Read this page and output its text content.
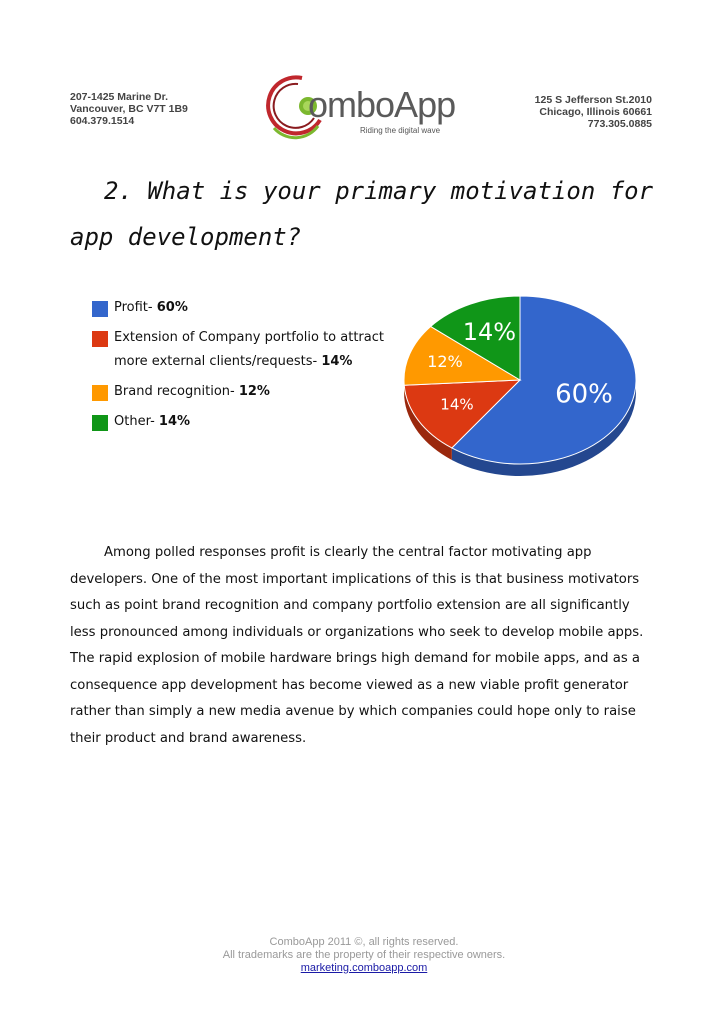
207-1425 Marine Dr.
Vancouver, BC V7T 1B9
604.379.1514	omboApp
Riding the digital wave
125 S Jefferson St.2010
Chicago, Illinois 60661
773.305.0885
2. What is your primary motivation for
app development?
Profit- 60%
Extension of Company portfolio to attract more external clients/requests- 14%
Brand recognition- 12%
Other- 14%
60%
14%
12%
14%
Among polled responses profit is clearly the central factor motivating app developers. One of the most important implications of this is that business motivators such as point brand recognition and company portfolio extension are all significantly less pronounced among individuals or organizations who seek to develop mobile apps. The rapid explosion of mobile hardware brings high demand for mobile apps, and as a consequence app development has become viewed as a new viable profit generator rather than simply a new media avenue by which companies could hope only to raise their product and brand awareness.
ComboApp 2011 ©, all rights reserved.
All trademarks are the property of their respective owners.
marketing.comboapp.com
